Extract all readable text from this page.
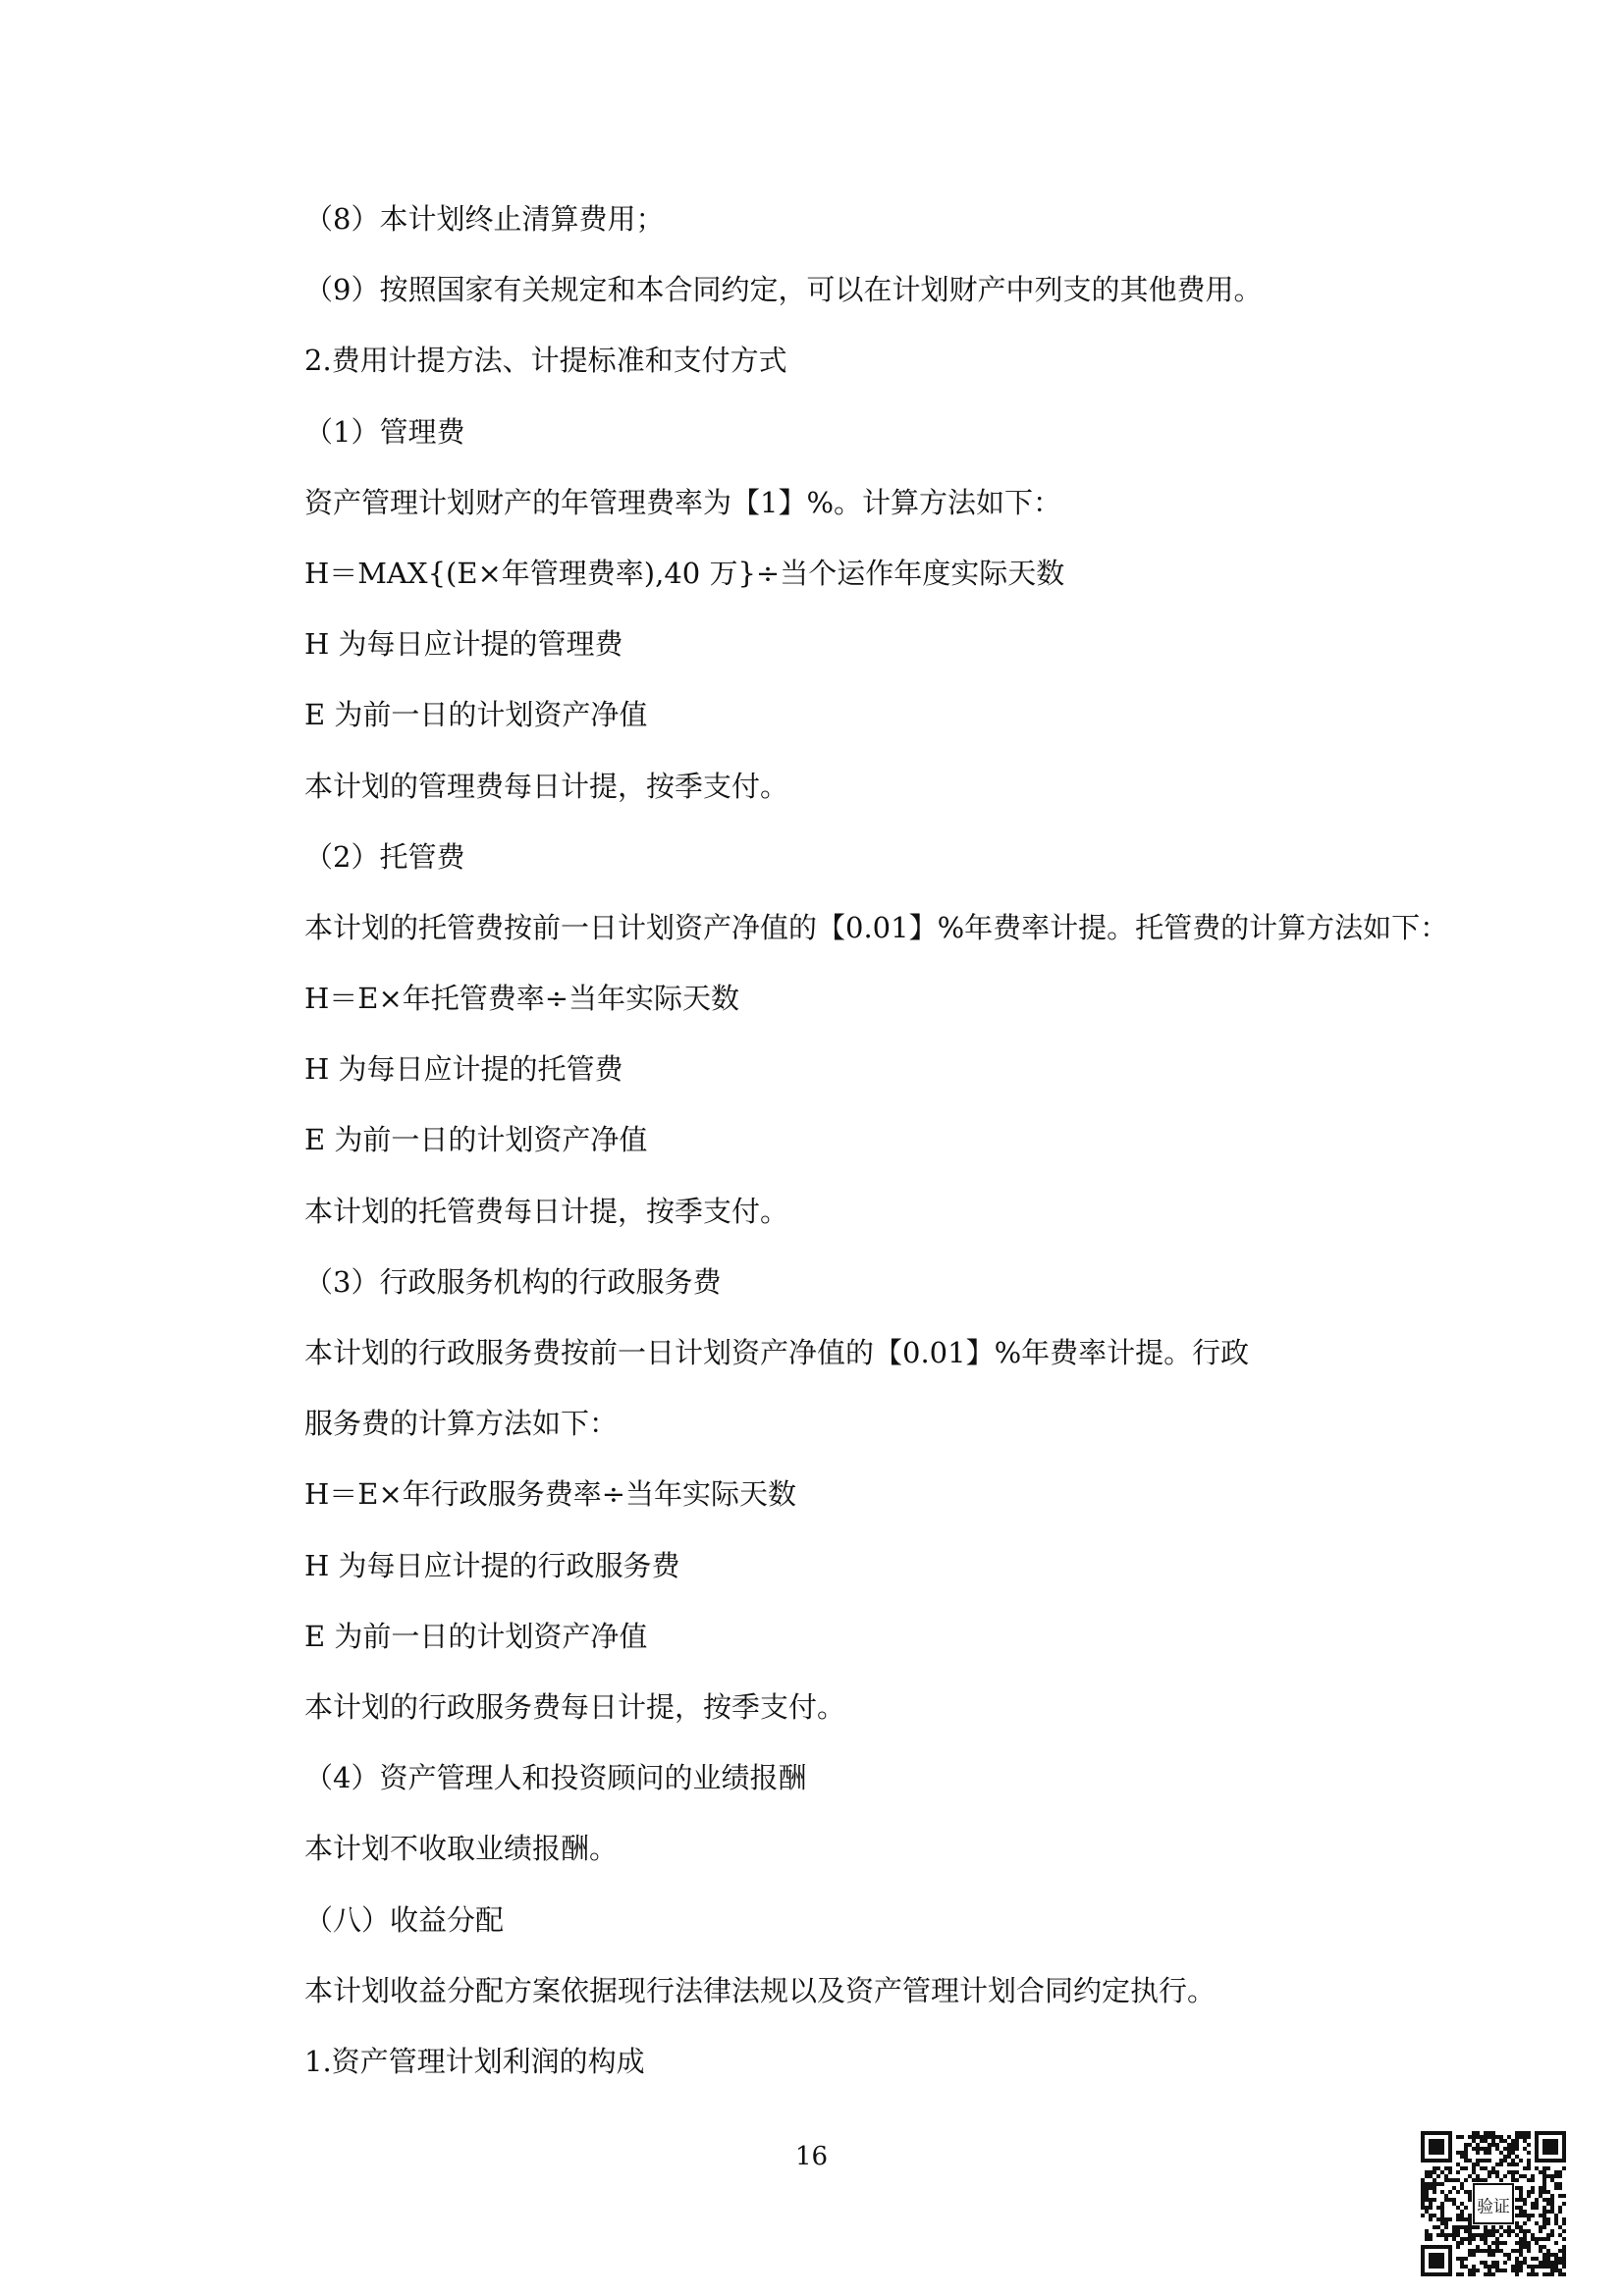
（8）本计划终止清算费用；
（9）按照国家有关规定和本合同约定，可以在计划财产中列支的其他费用。
2.费用计提方法、计提标准和支付方式
（1）管理费
资产管理计划财产的年管理费率为【1】%。计算方法如下：
H＝MAX{(E×年管理费率),40 万}÷当个运作年度实际天数
H 为每日应计提的管理费
E 为前一日的计划资产净值
本计划的管理费每日计提，按季支付。
（2）托管费
本计划的托管费按前一日计划资产净值的【0.01】%年费率计提。托管费的计算方法如下：
H＝E×年托管费率÷当年实际天数
H 为每日应计提的托管费
E 为前一日的计划资产净值
本计划的托管费每日计提，按季支付。
（3）行政服务机构的行政服务费
本计划的行政服务费按前一日计划资产净值的【0.01】%年费率计提。行政
服务费的计算方法如下：
H＝E×年行政服务费率÷当年实际天数
H 为每日应计提的行政服务费
E 为前一日的计划资产净值
本计划的行政服务费每日计提，按季支付。
（4）资产管理人和投资顾问的业绩报酬
本计划不收取业绩报酬。
（八）收益分配
本计划收益分配方案依据现行法律法规以及资产管理计划合同约定执行。
1.资产管理计划利润的构成
16
验证
